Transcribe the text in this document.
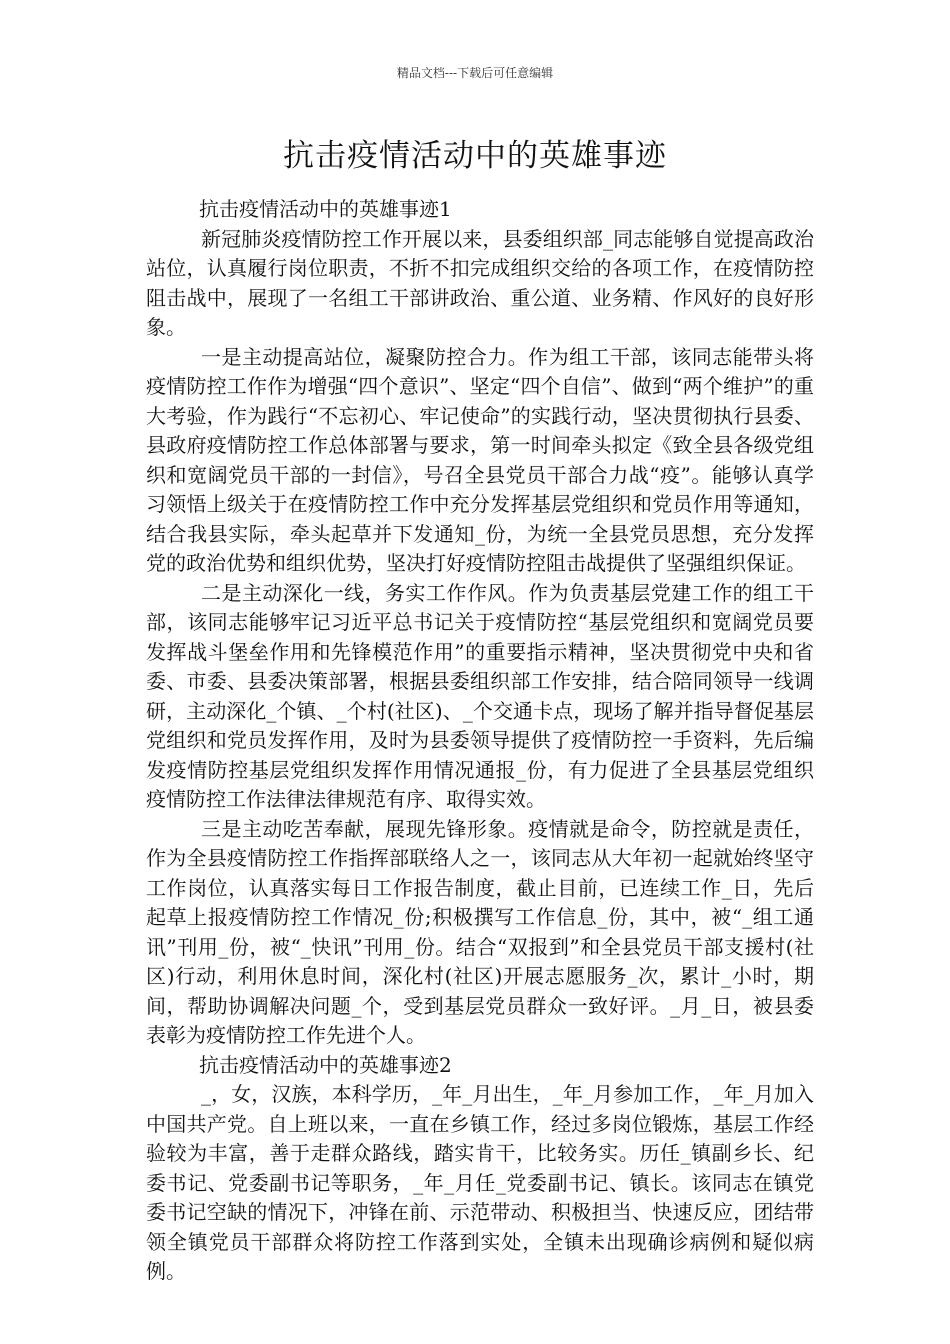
精品文档---下载后可任意编辑
抗击疫情活动中的英雄事迹

抗击疫情活动中的英雄事迹1

新冠肺炎疫情防控工作开展以来，县委组织部_同志能够自觉提高政治站位，认真履行岗位职责，不折不扣完成组织交给的各项工作，在疫情防控阻击战中，展现了一名组工干部讲政治、重公道、业务精、作风好的良好形象。

一是主动提高站位，凝聚防控合力。作为组工干部，该同志能带头将疫情防控工作作为增强“四个意识”、坚定“四个自信”、做到“两个维护”的重大考验，作为践行“不忘初心、牢记使命”的实践行动，坚决贯彻执行县委、县政府疫情防控工作总体部署与要求，第一时间牵头拟定《致全县各级党组织和宽阔党员干部的一封信》，号召全县党员干部合力战“疫”。能够认真学习领悟上级关于在疫情防控工作中充分发挥基层党组织和党员作用等通知，结合我县实际，牵头起草并下发通知_份，为统一全县党员思想，充分发挥党的政治优势和组织优势，坚决打好疫情防控阻击战提供了坚强组织保证。

二是主动深化一线，务实工作作风。作为负责基层党建工作的组工干部，该同志能够牢记习近平总书记关于疫情防控“基层党组织和宽阔党员要发挥战斗堡垒作用和先锋模范作用”的重要指示精神，坚决贯彻党中央和省委、市委、县委决策部署，根据县委组织部工作安排，结合陪同领导一线调研，主动深化_个镇、_个村(社区)、_个交通卡点，现场了解并指导督促基层党组织和党员发挥作用，及时为县委领导提供了疫情防控一手资料，先后编发疫情防控基层党组织发挥作用情况通报_份，有力促进了全县基层党组织疫情防控工作法律法律规范有序、取得实效。

三是主动吃苦奉献，展现先锋形象。疫情就是命令，防控就是责任，作为全县疫情防控工作指挥部联络人之一，该同志从大年初一起就始终坚守工作岗位，认真落实每日工作报告制度，截止目前，已连续工作_日，先后起草上报疫情防控工作情况_份;积极撰写工作信息_份，其中，被“_组工通讯”刊用_份，被“_快讯”刊用_份。结合“双报到”和全县党员干部支援村(社区)行动，利用休息时间，深化村(社区)开展志愿服务_次，累计_小时，期间，帮助协调解决问题_个，受到基层党员群众一致好评。_月_日，被县委表彰为疫情防控工作先进个人。

抗击疫情活动中的英雄事迹2

_，女，汉族，本科学历，_年_月出生，_年_月参加工作，_年_月加入中国共产党。自上班以来，一直在乡镇工作，经过多岗位锻炼，基层工作经验较为丰富，善于走群众路线，踏实肯干，比较务实。历任_镇副乡长、纪委书记、党委副书记等职务，_年_月任_党委副书记、镇长。该同志在镇党委书记空缺的情况下，冲锋在前、示范带动、积极担当、快速反应，团结带领全镇党员干部群众将防控工作落到实处，全镇未出现确诊病例和疑似病例。
